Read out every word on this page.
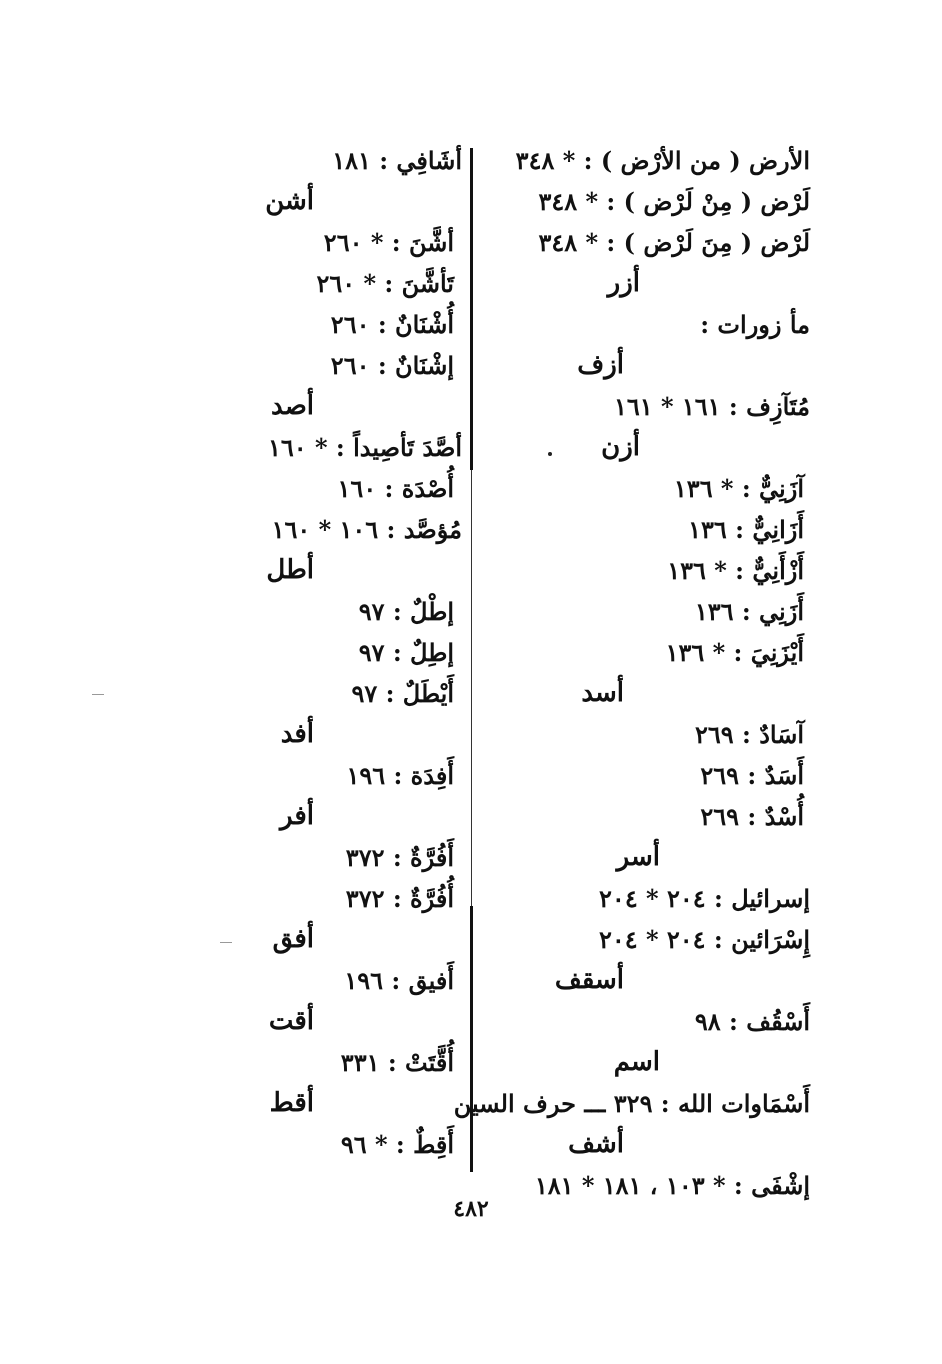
الأرض ( من الأرْض ) : * ٣٤٨
لَرْض ( مِنْ لَرْض ) : * ٣٤٨
لَرْض ( مِنَ لَرْض ) : * ٣٤٨
أزر
مأ زورات :
أزف
مُتَآزِف : ١٦١ * ١٦١
أزن
آزَنِيٌّ : * ١٣٦
أَزَانِيٌّ : ١٣٦
أَزْأَنِيٌّ : * ١٣٦
أَزَنِي : ١٣٦
أَيْزَنِيَ : * ١٣٦
أسد
آسَادٌ : ٢٦٩
أَسَدٌ : ٢٦٩
أُسْدٌ : ٢٦٩
أسر
إسرائيل : ٢٠٤ * ٢٠٤
إِسْرَائين : ٢٠٤ * ٢٠٤
أسقف
أَسْقُف : ٩٨
اسم
أَسْمَاوات الله : ٣٢٩ ـــ حرف السين
أشف
إشْفَى : * ١٠٣ ، ١٨١ * ١٨١
أشَافِي : ١٨١
أشن
أشَّنَ : * ٢٦٠
تَأشَّنَ : * ٢٦٠
أُشْنَانٌ : ٢٦٠
إشْنَانٌ : ٢٦٠
أصد
أصَّدَ تَأصِيداً : * ١٦٠
أُصْدَة : ١٦٠
مُؤصَّد : ١٠٦ * ١٦٠
أطل
إطْلٌ : ٩٧
إطِلٌ : ٩٧
أَيْطَلٌ : ٩٧
أفد
أَفِدَة : ١٩٦
أفر
أَفُرَّةٌ : ٣٧٢
أُفُرَّةٌ : ٣٧٢
أفق
أَفيق : ١٩٦
أقت
أُقَّتَتْ : ٣٣١
أقط
أَقِطٌ : * ٩٦
٤٨٢
